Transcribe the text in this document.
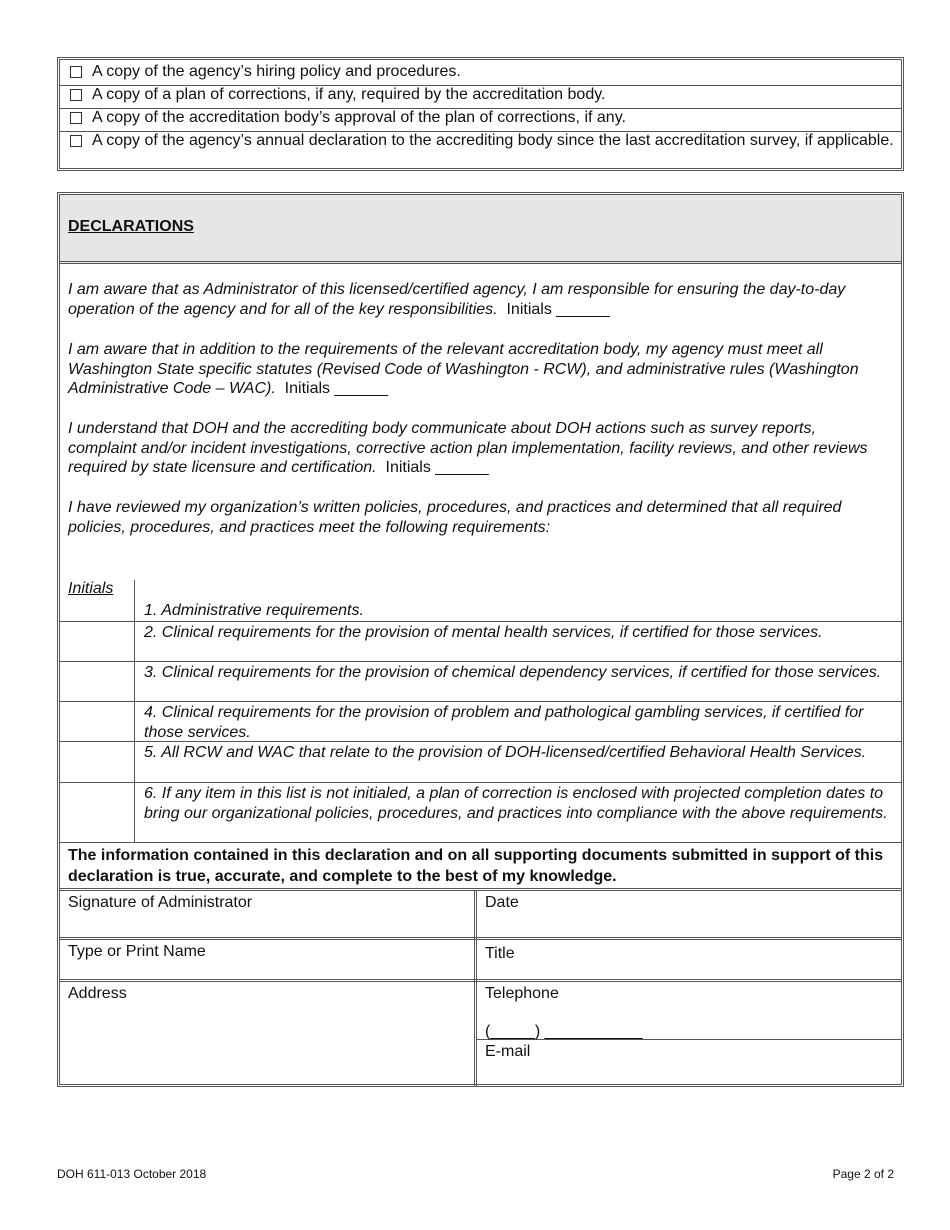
A copy of the agency’s hiring policy and procedures.
A copy of a plan of corrections, if any, required by the accreditation body.
A copy of the accreditation body’s approval of the plan of corrections, if any.
A copy of the agency’s annual declaration to the accrediting body since the last accreditation survey, if applicable.
DECLARATIONS
I am aware that as Administrator of this licensed/certified agency, I am responsible for ensuring the day-to-day operation of the agency and for all of the key responsibilities. Initials ______
I am aware that in addition to the requirements of the relevant accreditation body, my agency must meet all Washington State specific statutes (Revised Code of Washington - RCW), and administrative rules (Washington Administrative Code – WAC). Initials ______
I understand that DOH and the accrediting body communicate about DOH actions such as survey reports, complaint and/or incident investigations, corrective action plan implementation, facility reviews, and other reviews required by state licensure and certification. Initials ______
I have reviewed my organization’s written policies, procedures, and practices and determined that all required policies, procedures, and practices meet the following requirements:
Initials
1. Administrative requirements.
2. Clinical requirements for the provision of mental health services, if certified for those services.
3. Clinical requirements for the provision of chemical dependency services, if certified for those services.
4. Clinical requirements for the provision of problem and pathological gambling services, if certified for those services.
5. All RCW and WAC that relate to the provision of DOH-licensed/certified Behavioral Health Services.
6. If any item in this list is not initialed, a plan of correction is enclosed with projected completion dates to bring our organizational policies, procedures, and practices into compliance with the above requirements.
The information contained in this declaration and on all supporting documents submitted in support of this declaration is true, accurate, and complete to the best of my knowledge.
Signature of Administrator	Date
Type or Print Name	Title
Address	Telephone
(_____) ___________
E-mail
DOH 611-013 October 2018	Page 2 of 2
